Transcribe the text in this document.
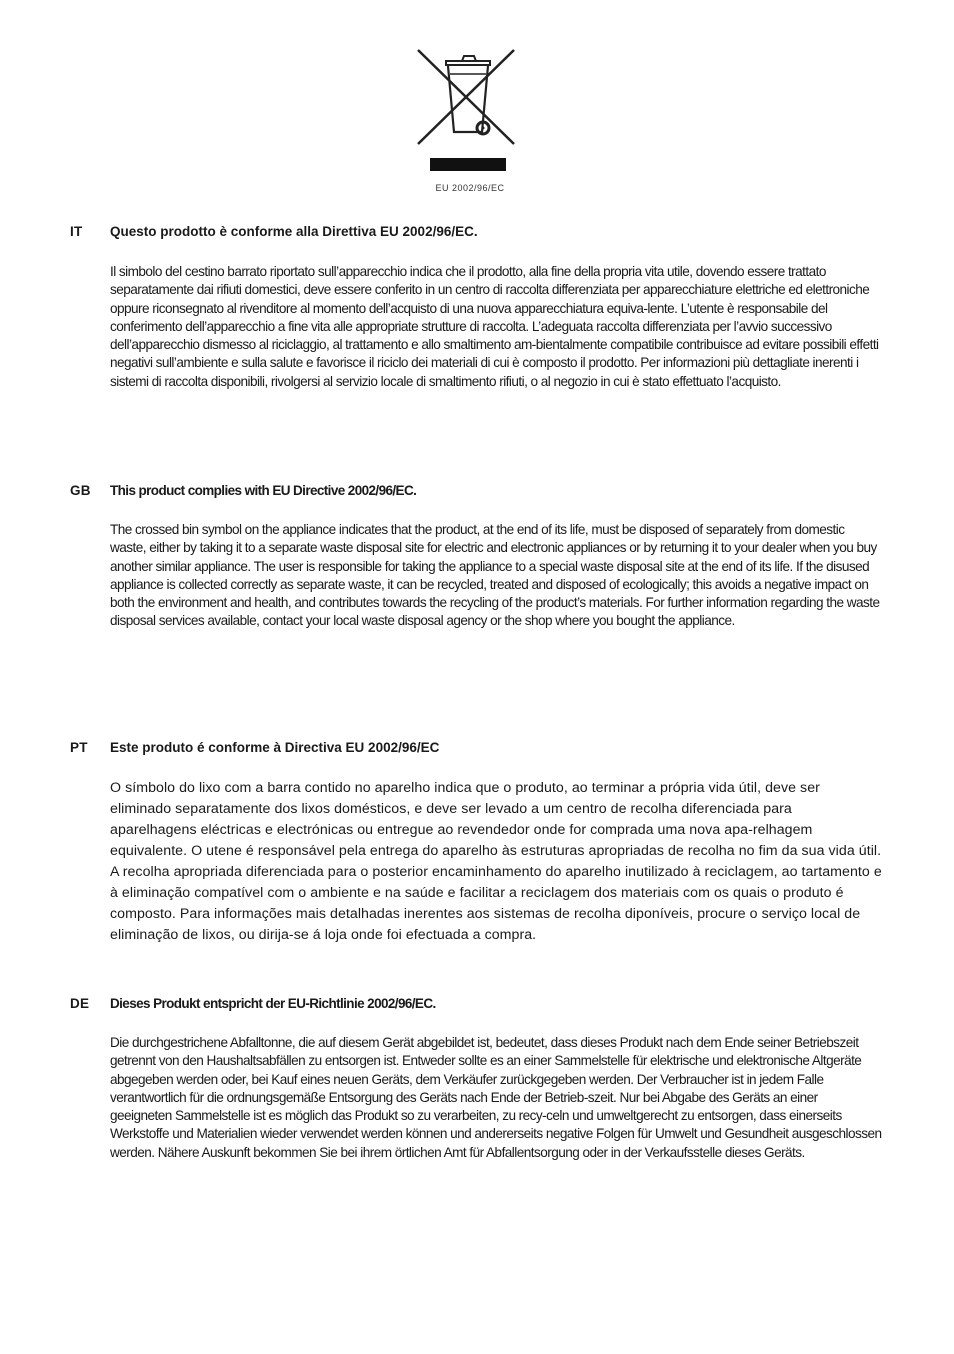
EU 2002/96/EC
IT	Questo prodotto è conforme alla Direttiva EU 2002/96/EC.
Il simbolo del cestino barrato riportato sull’apparecchio indica che il prodotto, alla fine della propria vita utile, dovendo essere trattato separatamente dai rifiuti domestici, deve essere conferito in un centro di raccolta differenziata per apparecchiature elettriche ed elettroniche oppure riconsegnato al rivenditore al momento dell’acquisto di una nuova apparecchiatura equiva-lente. L’utente è responsabile del conferimento dell’apparecchio a fine vita alle appropriate strutture di raccolta. L’adeguata raccolta differenziata per l’avvio successivo dell’apparecchio dismesso al riciclaggio, al trattamento e allo smaltimento am-bientalmente compatibile contribuisce ad evitare possibili effetti negativi sull’ambiente e sulla salute e favorisce il riciclo dei materiali di cui è composto il prodotto. Per informazioni più dettagliate inerenti i sistemi di raccolta disponibili, rivolgersi al servizio locale di smaltimento rifiuti, o al negozio in cui è stato effettuato l’acquisto.
GB	This product complies with EU Directive 2002/96/EC.
The crossed bin symbol on the appliance indicates that the product, at the end of its life, must be disposed of separately from domestic waste, either by taking it to a separate waste disposal site for electric and electronic appliances or by returning it to your dealer when you buy another similar appliance. The user is responsible for taking the appliance to a special waste disposal site at the end of its life. If the disused appliance is collected correctly as separate waste, it can be recycled, treated and disposed of ecologically; this avoids a negative impact on both the environment and health, and contributes towards the recycling of the product’s materials. For further information regarding the waste disposal services available, contact your local waste disposal agency or the shop where you bought the appliance.
PT	Este produto é conforme à Directiva EU 2002/96/EC
O símbolo do lixo com a barra contido no aparelho indica que o produto, ao terminar a própria vida útil, deve ser eliminado separatamente dos lixos domésticos, e deve ser levado a um centro de recolha diferenciada para aparelhagens eléctricas e electrónicas ou entregue ao revendedor onde for comprada uma nova apa-relhagem equivalente. O utene é responsável pela entrega do aparelho às estruturas apropriadas de recolha no fim da sua vida útil. A recolha apropriada diferenciada para o posterior encaminhamento do aparelho inutilizado à reciclagem, ao tartamento e à eliminação compatível com o ambiente e na saúde e facilitar a reciclagem dos materiais com os quais o produto é composto. Para informações mais detalhadas inerentes aos sistemas de recolha diponíveis, procure o serviço local de eliminação de lixos, ou dirija-se á loja onde foi efectuada a compra.
DE	Dieses Produkt entspricht der EU-Richtlinie 2002/96/EC.
Die durchgestrichene Abfalltonne, die auf diesem Gerät abgebildet ist, bedeutet, dass dieses Produkt nach dem Ende seiner Betriebszeit getrennt von den Haushaltsabfällen zu entsorgen ist. Entweder sollte es an einer Sammelstelle für elektrische und elektronische Altgeräte abgegeben werden oder, bei Kauf eines neuen Geräts, dem Verkäufer zurückgegeben werden. Der Verbraucher ist in jedem Falle verantwortlich für die ordnungsgemäße Entsorgung des Geräts nach Ende der Betrieb-szeit. Nur bei Abgabe des Geräts an einer geeigneten Sammelstelle ist es möglich das Produkt so zu verarbeiten, zu recy-celn und umweltgerecht zu entsorgen, dass einerseits Werkstoffe und Materialien wieder verwendet werden können und andererseits negative Folgen für Umwelt und Gesundheit ausgeschlossen werden. Nähere Auskunft bekommen Sie bei ihrem örtlichen Amt für Abfallentsorgung oder in der Verkaufsstelle dieses Geräts.
